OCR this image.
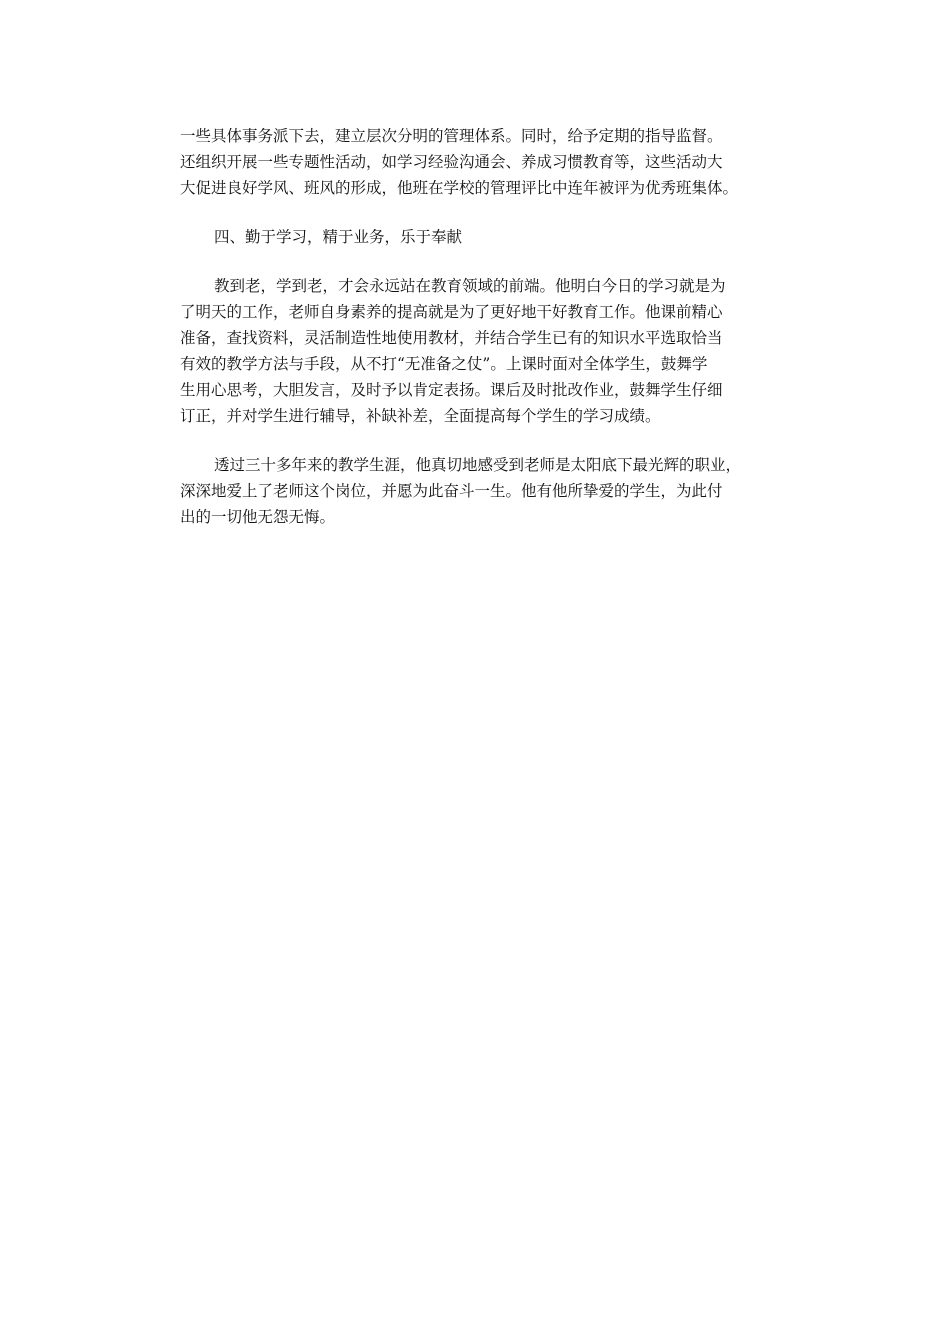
一些具体事务派下去，建立层次分明的管理体系。同时，给予定期的指导监督。
还组织开展一些专题性活动，如学习经验沟通会、养成习惯教育等，这些活动大
大促进良好学风、班风的形成，他班在学校的管理评比中连年被评为优秀班集体。
四、勤于学习，精于业务，乐于奉献
教到老，学到老，才会永远站在教育领域的前端。他明白今日的学习就是为
了明天的工作，老师自身素养的提高就是为了更好地干好教育工作。他课前精心
准备，查找资料，灵活制造性地使用教材，并结合学生已有的知识水平选取恰当
有效的教学方法与手段，从不打“无准备之仗”。上课时面对全体学生，鼓舞学
生用心思考，大胆发言，及时予以肯定表扬。课后及时批改作业，鼓舞学生仔细
订正，并对学生进行辅导，补缺补差，全面提高每个学生的学习成绩。
透过三十多年来的教学生涯，他真切地感受到老师是太阳底下最光辉的职业，
深深地爱上了老师这个岗位，并愿为此奋斗一生。他有他所挚爱的学生，为此付
出的一切他无怨无悔。
